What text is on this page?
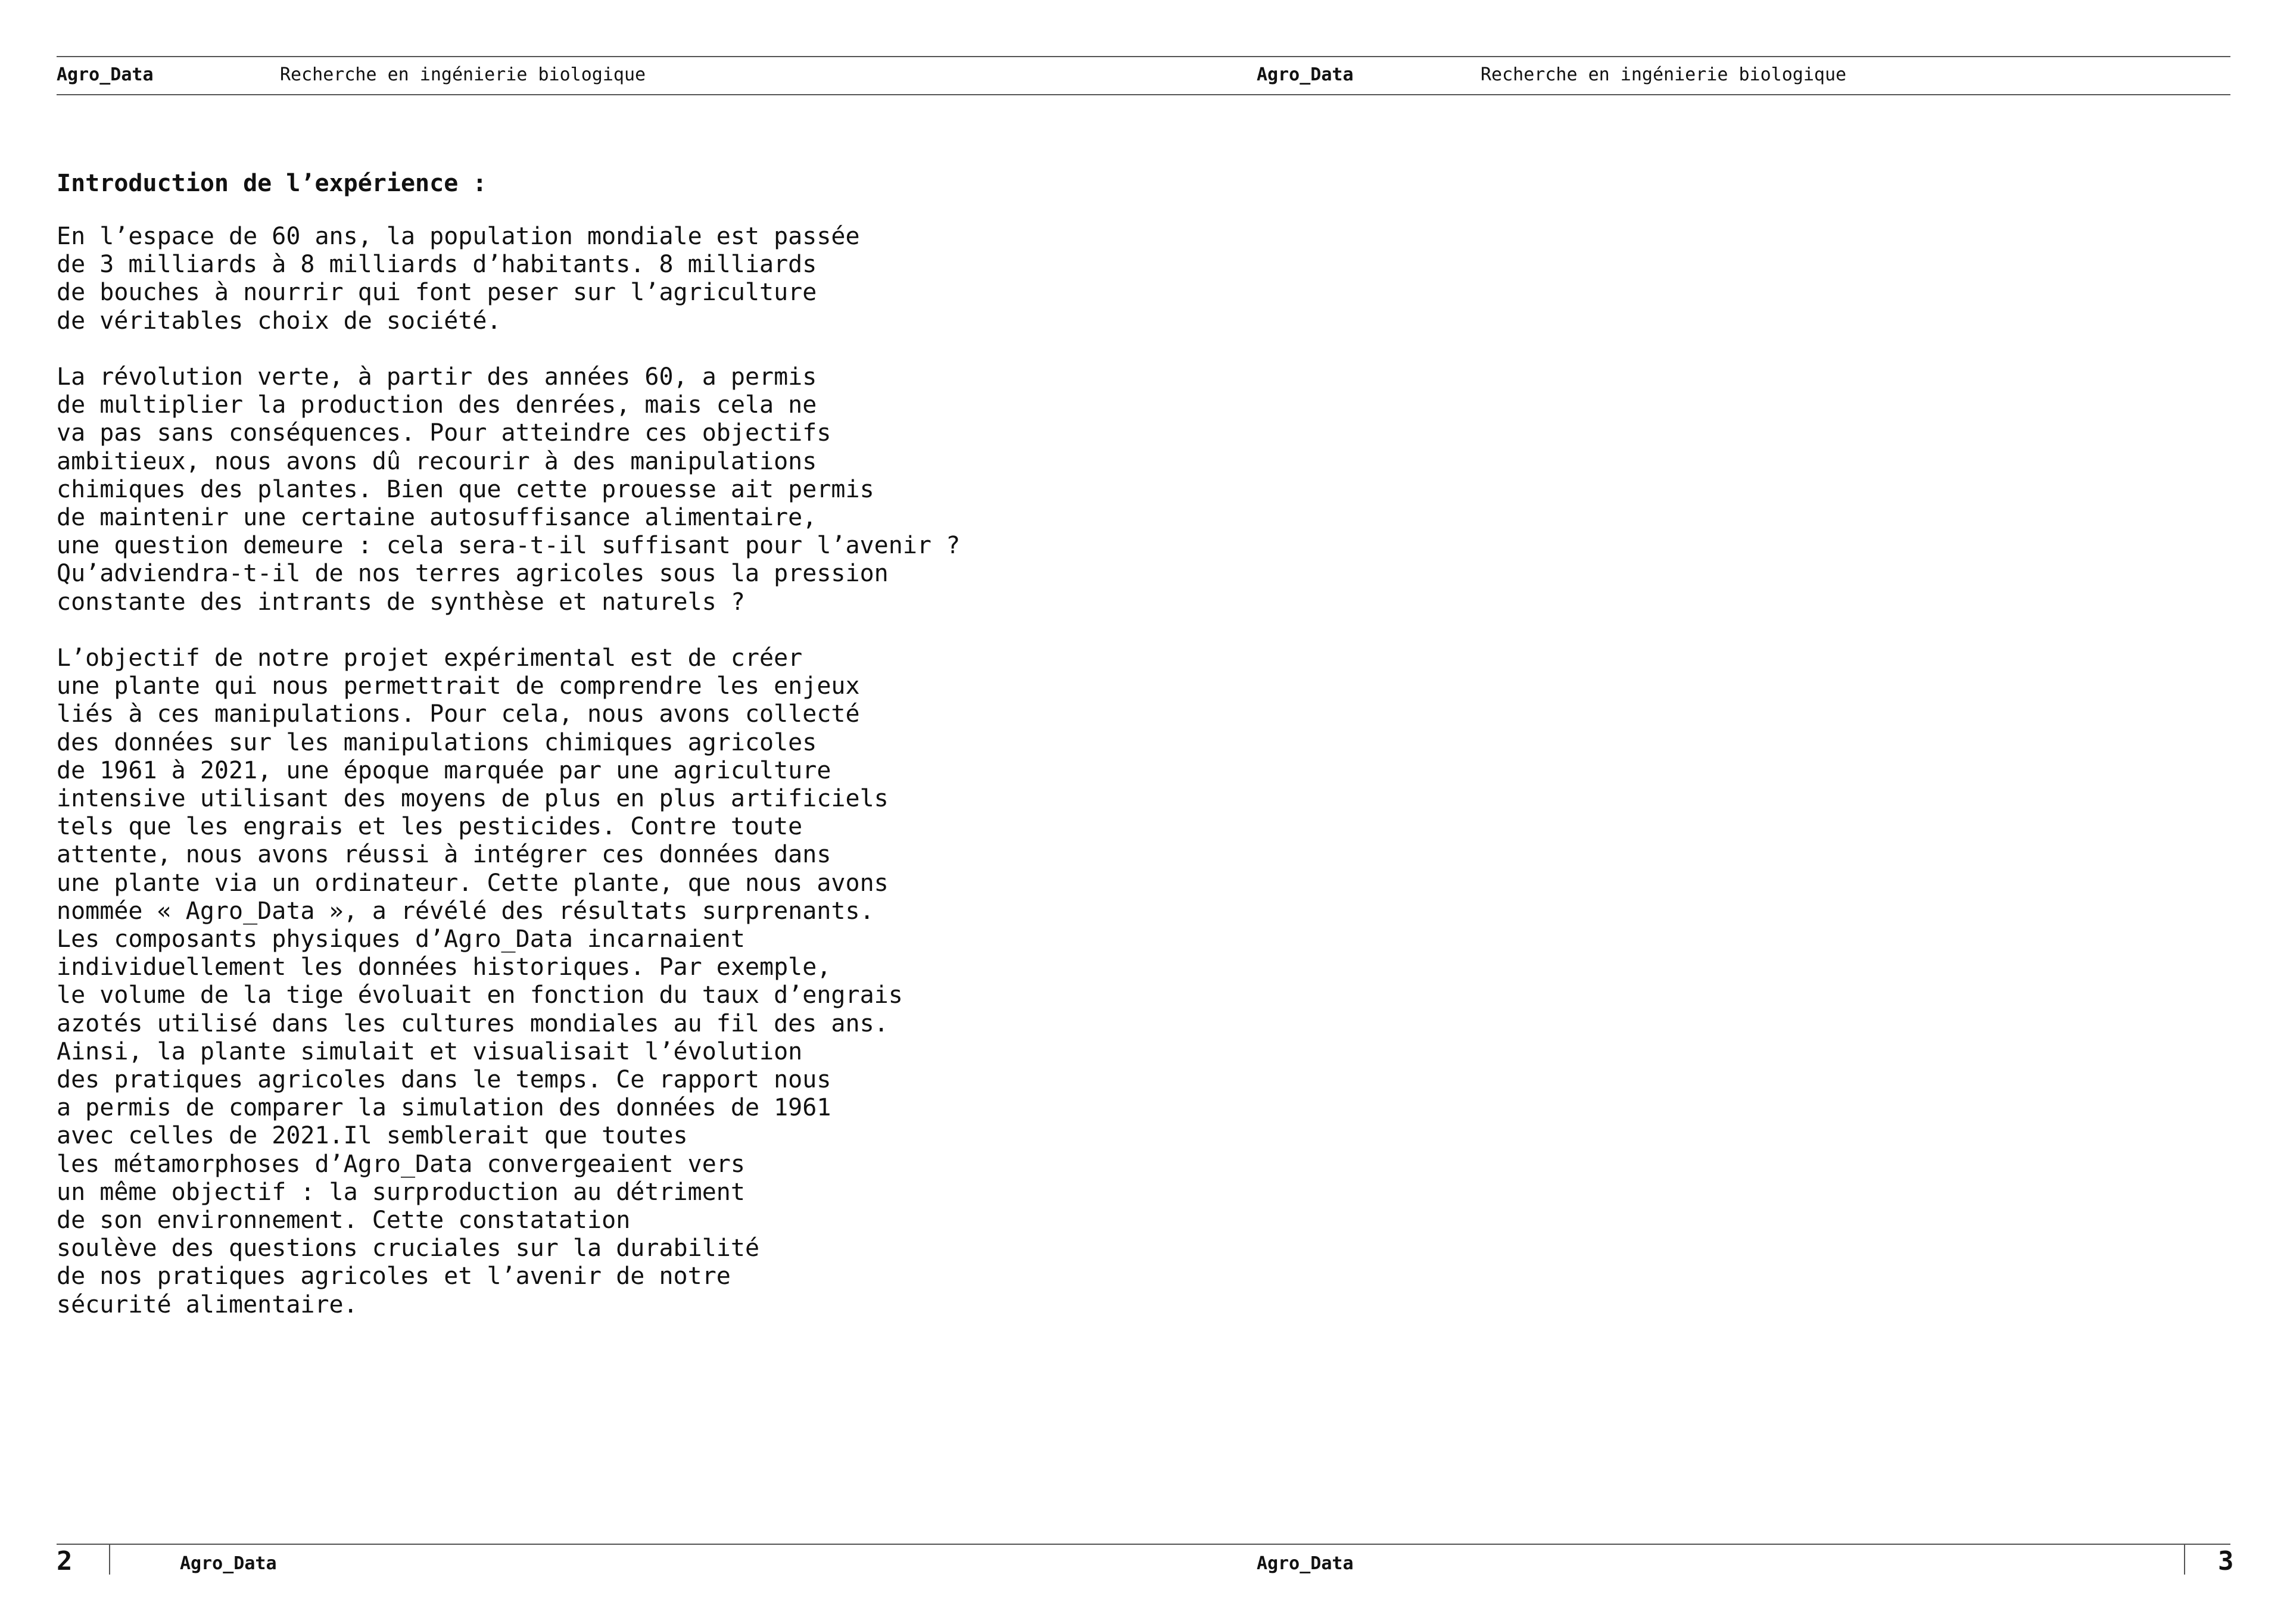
Agro_Data	Recherche en ingénierie biologique	Agro_Data	Recherche en ingénierie biologique
Introduction de l’expérience :
En l’espace de 60 ans, la population mondiale est passée
de 3 milliards à 8 milliards d’habitants. 8 milliards
de bouches à nourrir qui font peser sur l’agriculture
de véritables choix de société.
La révolution verte, à partir des années 60, a permis
de multiplier la production des denrées, mais cela ne
va pas sans conséquences. Pour atteindre ces objectifs
ambitieux, nous avons dû recourir à des manipulations
chimiques des plantes. Bien que cette prouesse ait permis
de maintenir une certaine autosuffisance alimentaire,
une question demeure : cela sera-t-il suffisant pour l’avenir ?
Qu’adviendra-t-il de nos terres agricoles sous la pression
constante des intrants de synthèse et naturels ?
L’objectif de notre projet expérimental est de créer
une plante qui nous permettrait de comprendre les enjeux
liés à ces manipulations. Pour cela, nous avons collecté
des données sur les manipulations chimiques agricoles
de 1961 à 2021, une époque marquée par une agriculture
intensive utilisant des moyens de plus en plus artificiels
tels que les engrais et les pesticides. Contre toute
attente, nous avons réussi à intégrer ces données dans
une plante via un ordinateur. Cette plante, que nous avons
nommée « Agro_Data », a révélé des résultats surprenants.
Les composants physiques d’Agro_Data incarnaient
individuellement les données historiques. Par exemple,
le volume de la tige évoluait en fonction du taux d’engrais
azotés utilisé dans les cultures mondiales au fil des ans.
Ainsi, la plante simulait et visualisait l’évolution
des pratiques agricoles dans le temps. Ce rapport nous
a permis de comparer la simulation des données de 1961
avec celles de 2021.Il semblerait que toutes
les métamorphoses d’Agro_Data convergeaient vers
un même objectif : la surproduction au détriment
de son environnement. Cette constatation
soulève des questions cruciales sur la durabilité
de nos pratiques agricoles et l’avenir de notre
sécurité alimentaire.
2	Agro_Data	Agro_Data	3
